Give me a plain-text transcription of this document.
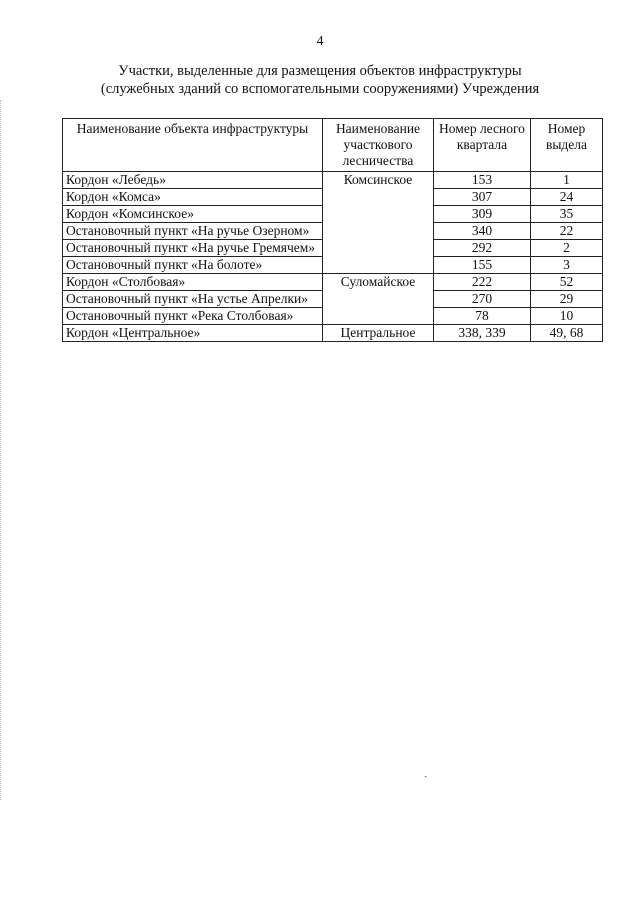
4
Участки, выделенные для размещения объектов инфраструктуры
(служебных зданий со вспомогательными сооружениями) Учреждения
Наименование объекта инфраструктуры	Наименование участкового лесничества	Номер лесного квартала	Номер выдела
Кордон «Лебедь»	Комсинское	153	1
Кордон «Комса»		307	24
Кордон «Комсинское»		309	35
Остановочный пункт «На ручье Озерном»		340	22
Остановочный пункт «На ручье Гремячем»		292	2
Остановочный пункт «На болоте»		155	3
Кордон «Столбовая»	Суломайское	222	52
Остановочный пункт «На устье Апрелки»		270	29
Остановочный пункт «Река Столбовая»		78	10
Кордон «Центральное»	Центральное	338, 339	49, 68
ˏ
